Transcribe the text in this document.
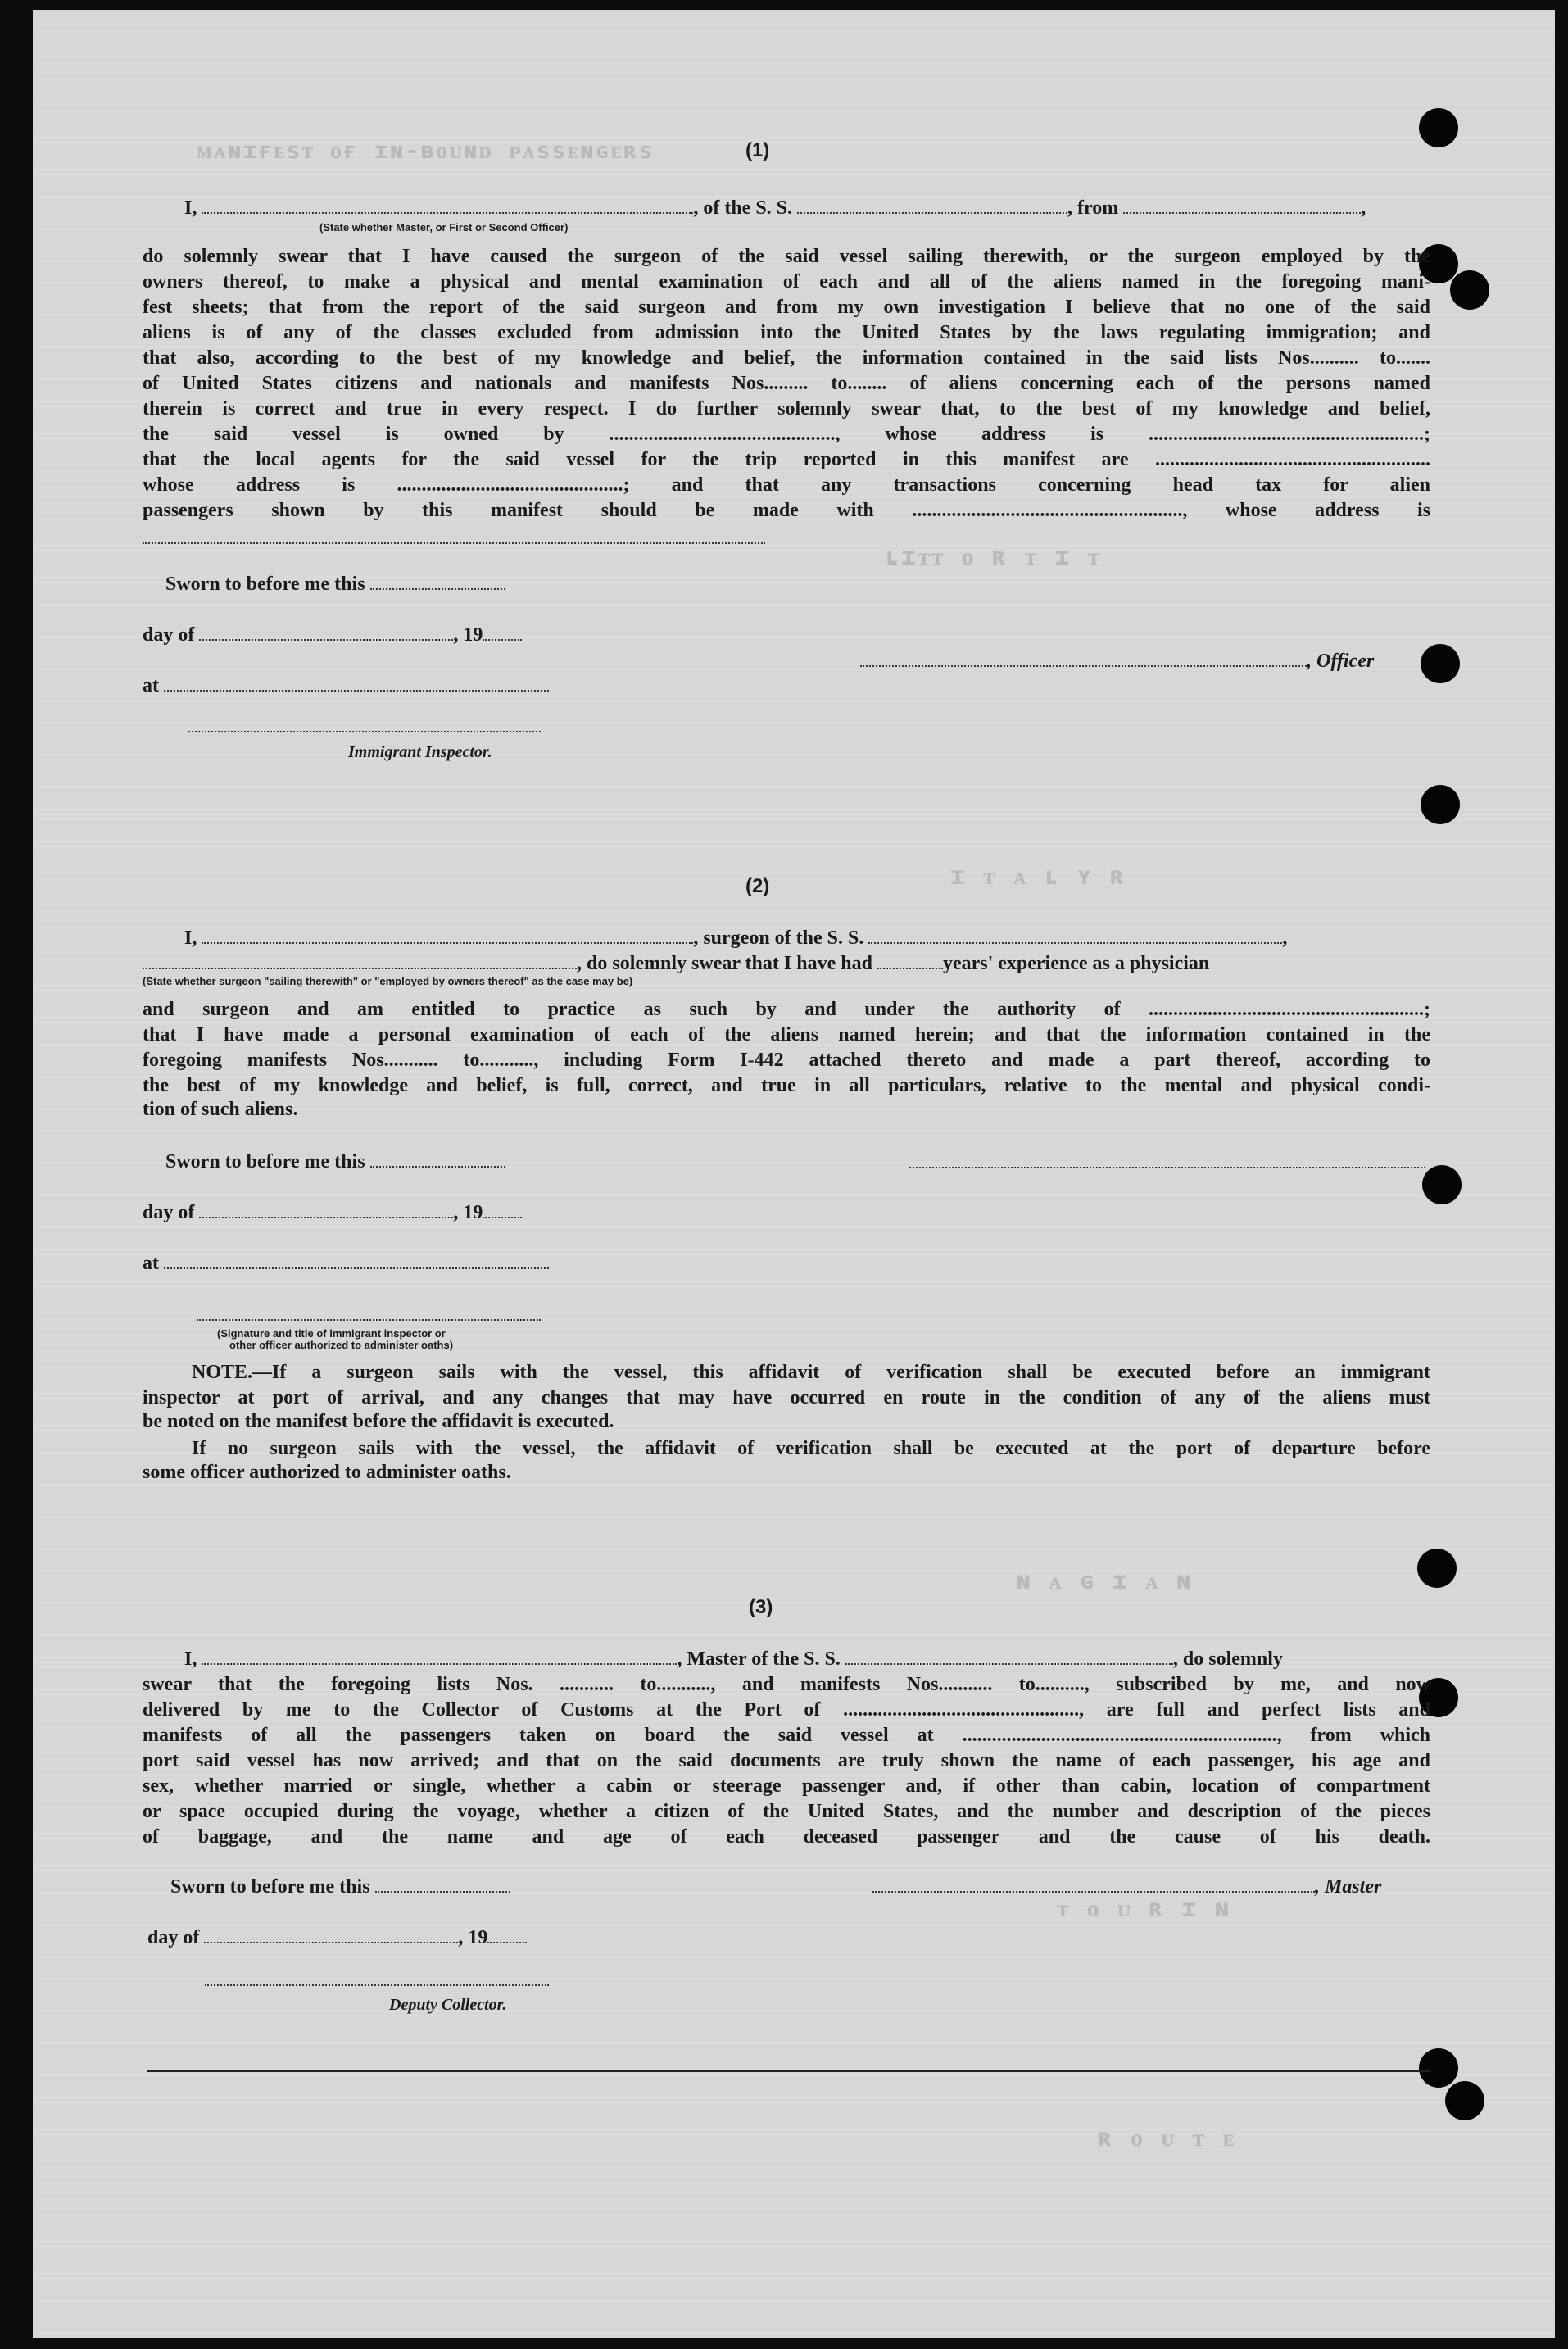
ʟɪᴛᴛ ᴏ ʀ ᴛ ɪ ᴛ
ɪ ᴛ ᴀ ʟ ʏ ʀ
ɴ ᴀ ɢ ɪ ᴀ ɴ
ᴛ ᴏ ᴜ ʀ ɪ ɴ
ʀ ᴏ ᴜ ᴛ ᴇ
ᴍᴀɴɪғᴇsᴛ ᴏғ ɪɴ-ʙᴏᴜɴᴅ ᴘᴀssᴇɴɢᴇʀs	(1)
I,	, of the S. S.	, from	,
(State whether Master, or First or Second Officer)
do solemnly swear that I have caused the surgeon of the said vessel sailing therewith, or the surgeon employed by the
owners thereof, to make a physical and mental examination of each and all of the aliens named in the foregoing mani-
fest sheets; that from the report of the said surgeon and from my own investigation I believe that no one of the said
aliens is of any of the classes excluded from admission into the United States by the laws regulating immigration; and
that also, according to the best of my knowledge and belief, the information contained in the said lists Nos.......... to.......
of United States citizens and nationals and manifests Nos......... to........ of aliens concerning each of the persons named
therein is correct and true in every respect. I do further solemnly swear that, to the best of my knowledge and belief,
the said vessel is owned by .............................................., whose address is ........................................................;
that the local agents for the said vessel for the trip reported in this manifest are ........................................................
whose address is ..............................................; and that any transactions concerning head tax for alien
passengers shown by this manifest should be made with ......................................................., whose address is
Sworn to before me this
day of	, 19
at
, Officer
Immigrant Inspector.
(2)
I,	, surgeon of the S. S.	,
, do solemnly swear that I have had	years' experience as a physician
(State whether surgeon "sailing therewith" or "employed by owners thereof" as the case may be)
and surgeon and am entitled to practice as such by and under the authority of ........................................................;
that I have made a personal examination of each of the aliens named herein; and that the information contained in the
foregoing manifests Nos........... to..........., including Form I-442 attached thereto and made a part thereof, according to
the best of my knowledge and belief, is full, correct, and true in all particulars, relative to the mental and physical condi-
tion of such aliens.
Sworn to before me this
day of	, 19
at
(Signature and title of immigrant inspector or
other officer authorized to administer oaths)
NOTE.—If a surgeon sails with the vessel, this affidavit of verification shall be executed before an immigrant
inspector at port of arrival, and any changes that may have occurred en route in the condition of any of the aliens must
be noted on the manifest before the affidavit is executed.
If no surgeon sails with the vessel, the affidavit of verification shall be executed at the port of departure before
some officer authorized to administer oaths.
(3)
I,	, Master of the S. S.	, do solemnly
swear that the foregoing lists Nos. ........... to..........., and manifests Nos........... to.........., subscribed by me, and now
delivered by me to the Collector of Customs at the Port of ................................................, are full and perfect lists and
manifests of all the passengers taken on board the said vessel at ................................................................, from which
port said vessel has now arrived; and that on the said documents are truly shown the name of each passenger, his age and
sex, whether married or single, whether a cabin or steerage passenger and, if other than cabin, location of compartment
or space occupied during the voyage, whether a citizen of the United States, and the number and description of the pieces
of baggage, and the name and age of each deceased passenger and the cause of his death.
Sworn to before me this	, Master
day of	, 19
Deputy Collector.
